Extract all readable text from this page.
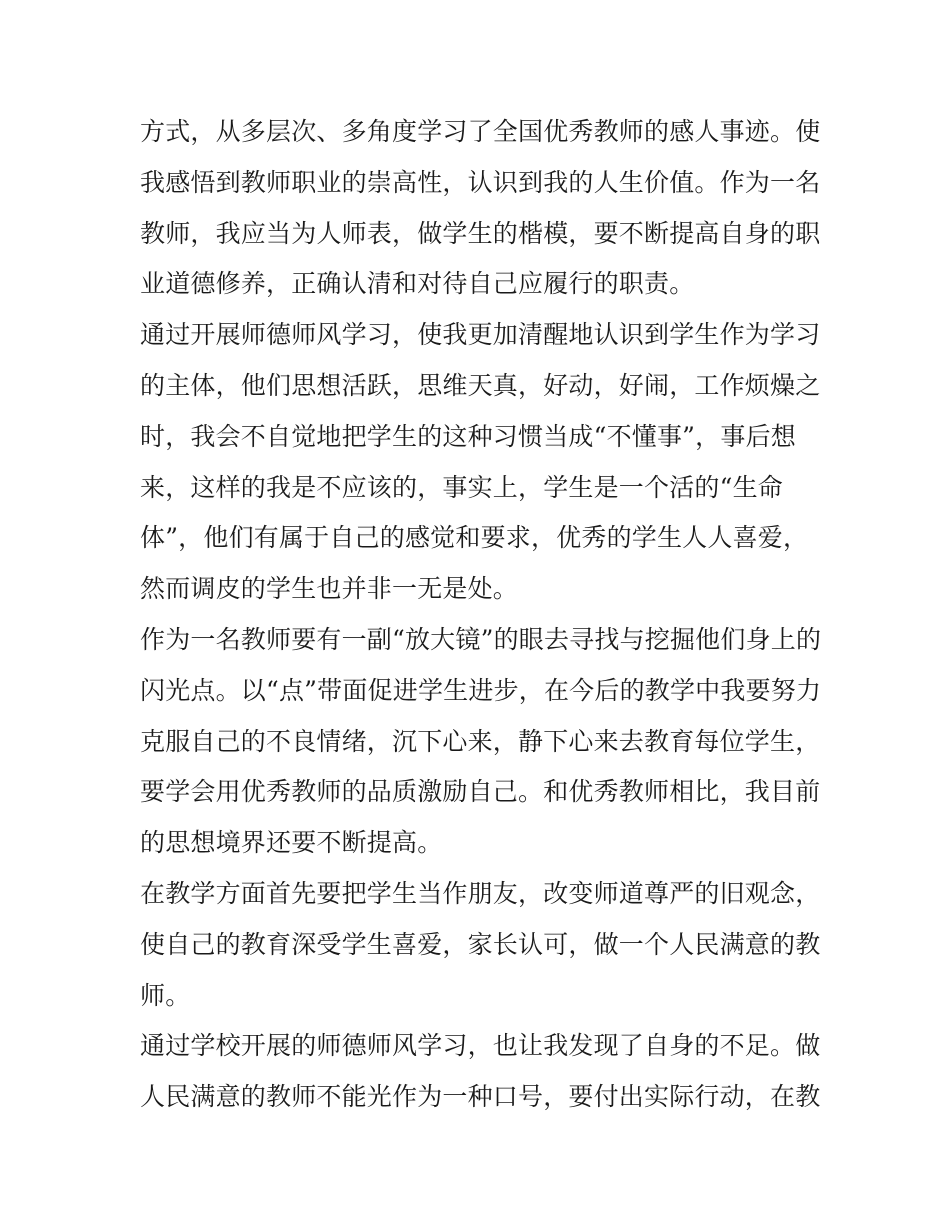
方式，从多层次、多角度学习了全国优秀教师的感人事迹。使
我感悟到教师职业的崇高性，认识到我的人生价值。作为一名
教师，我应当为人师表，做学生的楷模，要不断提高自身的职
业道德修养，正确认清和对待自己应履行的职责。
通过开展师德师风学习，使我更加清醒地认识到学生作为学习
的主体，他们思想活跃，思维天真，好动，好闹，工作烦燥之
时，我会不自觉地把学生的这种习惯当成“不懂事”，事后想
来，这样的我是不应该的，事实上，学生是一个活的“生命
体”，他们有属于自己的感觉和要求，优秀的学生人人喜爱，
然而调皮的学生也并非一无是处。
作为一名教师要有一副“放大镜”的眼去寻找与挖掘他们身上的
闪光点。以“点”带面促进学生进步，在今后的教学中我要努力
克服自己的不良情绪，沉下心来，静下心来去教育每位学生，
要学会用优秀教师的品质激励自己。和优秀教师相比，我目前
的思想境界还要不断提高。
在教学方面首先要把学生当作朋友，改变师道尊严的旧观念，
使自己的教育深受学生喜爱，家长认可，做一个人民满意的教
师。
通过学校开展的师德师风学习，也让我发现了自身的不足。做
人民满意的教师不能光作为一种口号，要付出实际行动，在教
